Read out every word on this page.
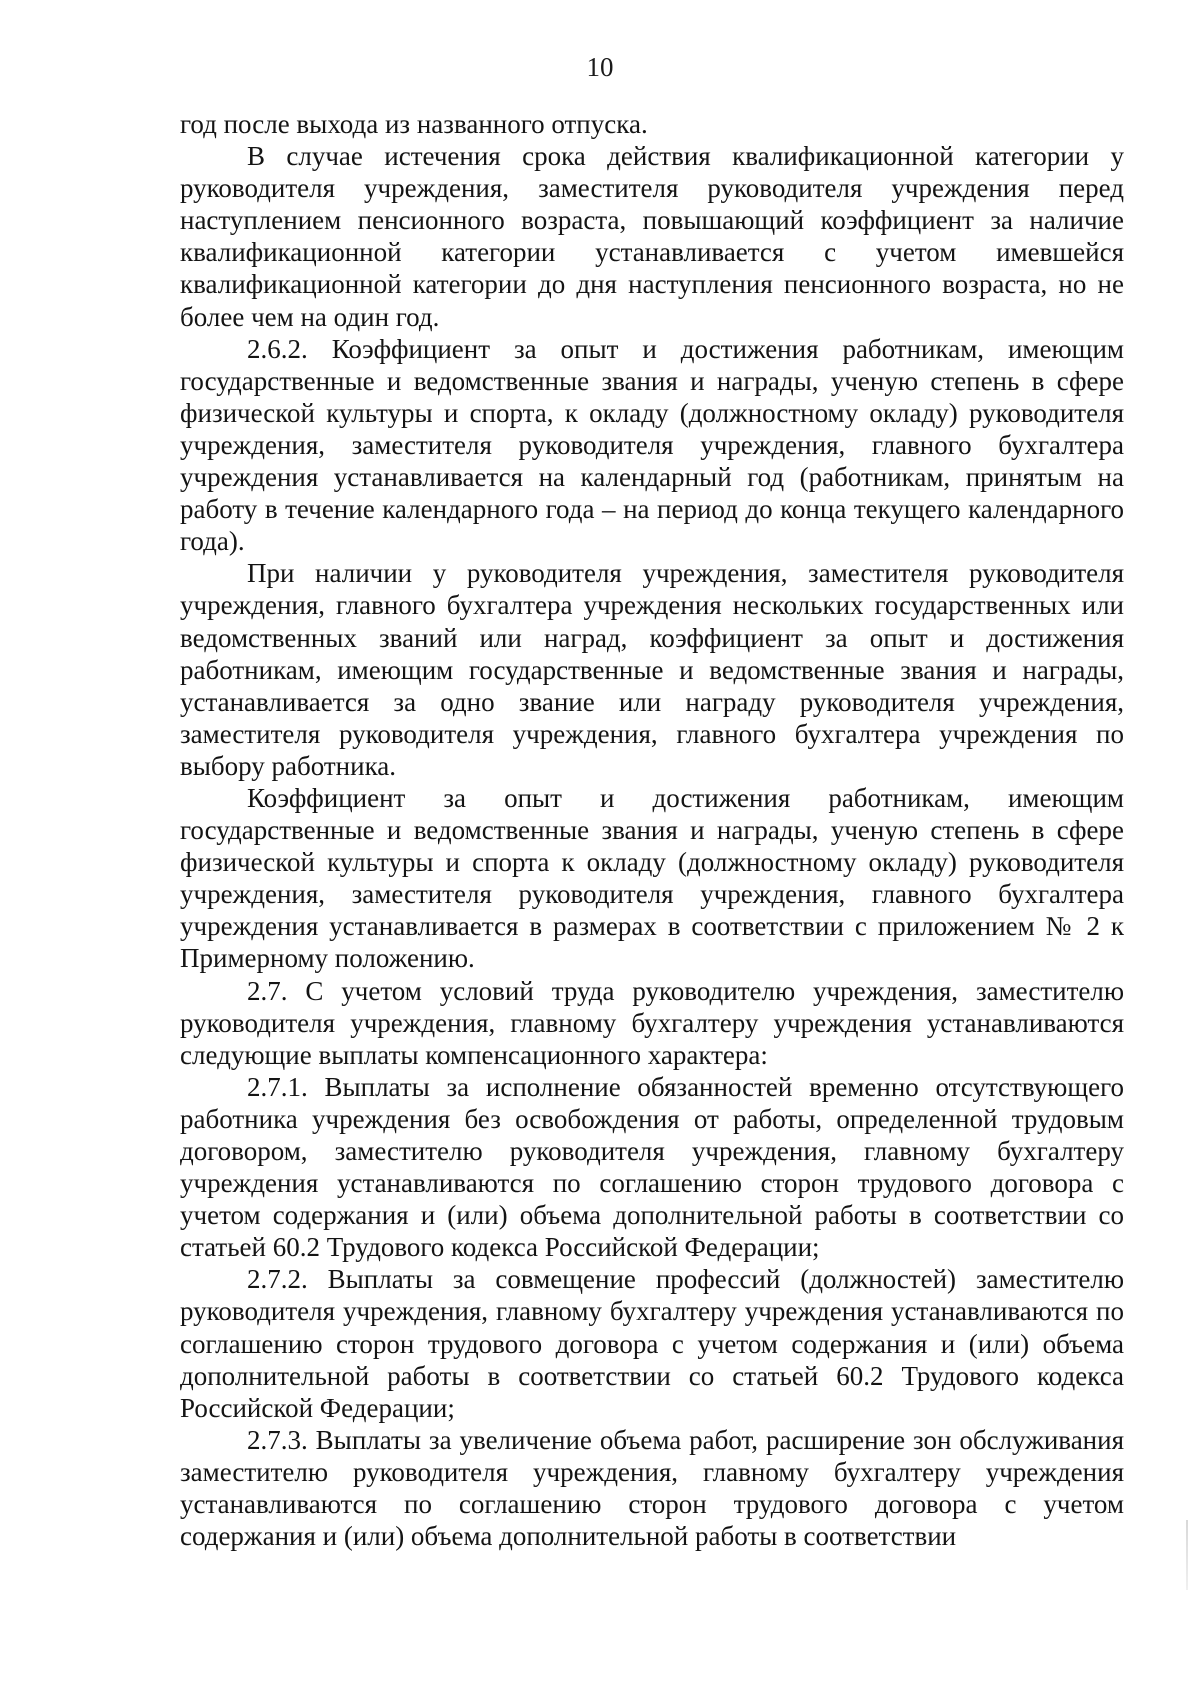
10

год после выхода из названного отпуска.

В случае истечения срока действия квалификационной категории у руководителя учреждения, заместителя руководителя учреждения перед наступлением пенсионного возраста, повышающий коэффициент за наличие квалификационной категории устанавливается с учетом имевшейся квалификационной категории до дня наступления пенсионного возраста, но не более чем на один год.

2.6.2. Коэффициент за опыт и достижения работникам, имеющим государственные и ведомственные звания и награды, ученую степень в сфере физической культуры и спорта, к окладу (должностному окладу) руководителя учреждения, заместителя руководителя учреждения, главного бухгалтера учреждения устанавливается на календарный год (работникам, принятым на работу в течение календарного года – на период до конца текущего календарного года).

При наличии у руководителя учреждения, заместителя руководителя учреждения, главного бухгалтера учреждения нескольких государственных или ведомственных званий или наград, коэффициент за опыт и достижения работникам, имеющим государственные и ведомственные звания и награды, устанавливается за одно звание или награду руководителя учреждения, заместителя руководителя учреждения, главного бухгалтера учреждения по выбору работника.

Коэффициент за опыт и достижения работникам, имеющим государственные и ведомственные звания и награды, ученую степень в сфере физической культуры и спорта к окладу (должностному окладу) руководителя учреждения, заместителя руководителя учреждения, главного бухгалтера учреждения устанавливается в размерах в соответствии с приложением № 2 к Примерному положению.

2.7. С учетом условий труда руководителю учреждения, заместителю руководителя учреждения, главному бухгалтеру учреждения устанавливаются следующие выплаты компенсационного характера:

2.7.1. Выплаты за исполнение обязанностей временно отсутствующего работника учреждения без освобождения от работы, определенной трудовым договором, заместителю руководителя учреждения, главному бухгалтеру учреждения устанавливаются по соглашению сторон трудового договора с учетом содержания и (или) объема дополнительной работы в соответствии со статьей 60.2 Трудового кодекса Российской Федерации;

2.7.2. Выплаты за совмещение профессий (должностей) заместителю руководителя учреждения, главному бухгалтеру учреждения устанавливаются по соглашению сторон трудового договора с учетом содержания и (или) объема дополнительной работы в соответствии со статьей 60.2 Трудового кодекса Российской Федерации;

2.7.3. Выплаты за увеличение объема работ, расширение зон обслуживания заместителю руководителя учреждения, главному бухгалтеру учреждения устанавливаются по соглашению сторон трудового договора с учетом содержания и (или) объема дополнительной работы в соответствии
